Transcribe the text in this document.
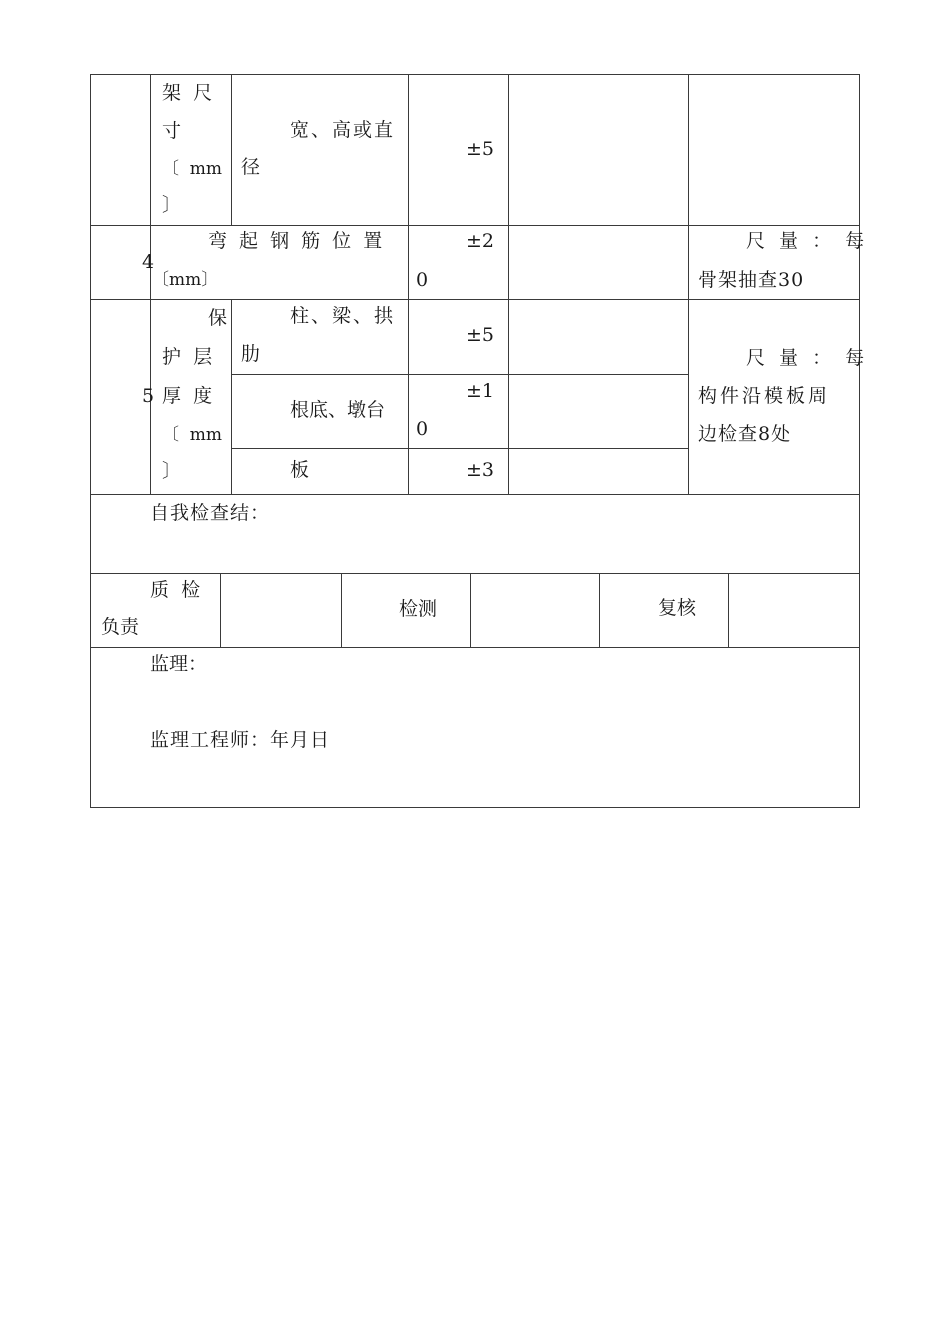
架  尺
寸
〔  mm
〕
宽、高或直
径
±5
4
弯 起 钢 筋 位 置
〔mm〕
±2
0
尺 量 ： 每
骨架抽查30
5
保
护  层
厚  度
〔  mm
〕
柱、梁、拱
肋
±5
根底、墩台
±1
0
板	±3
尺 量 ： 每
构件沿模板周
边检查8处
自我检查结：
质  检
负责
检测	复核
监理：
监理工程师：年月日
